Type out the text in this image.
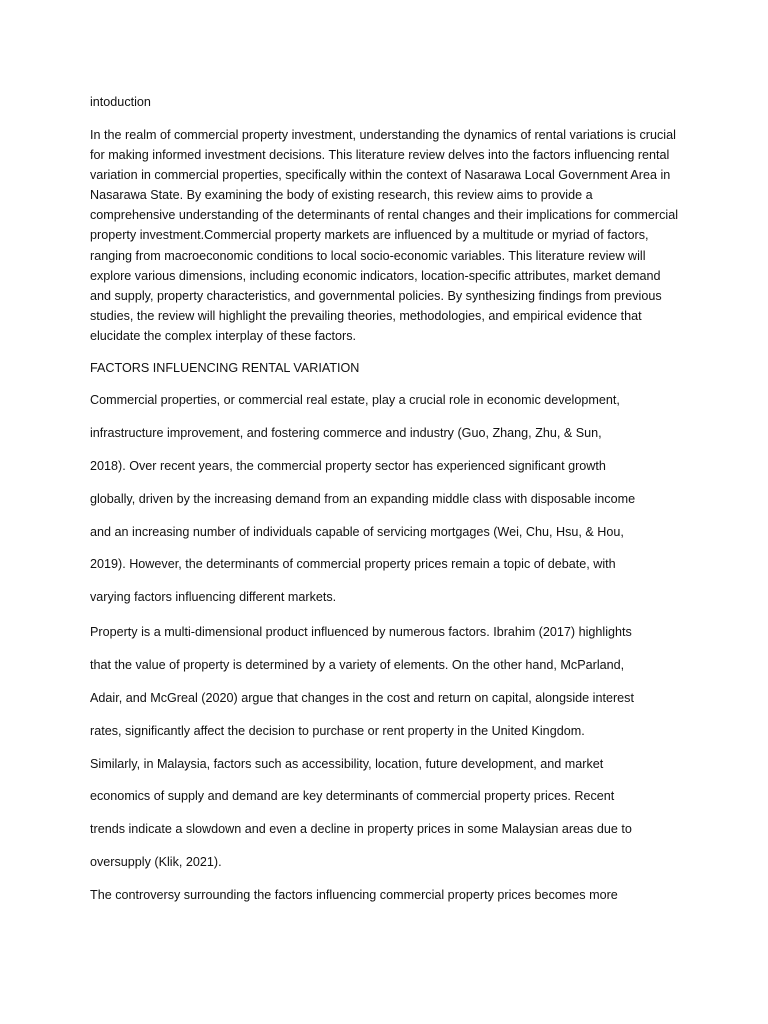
intoduction

In the realm of commercial property investment, understanding the dynamics of rental variations is crucial for making informed investment decisions. This literature review delves into the factors influencing rental variation in commercial properties, specifically within the context of Nasarawa Local Government Area in Nasarawa State. By examining the body of existing research, this review aims to provide a comprehensive understanding of the determinants of rental changes and their implications for commercial property investment.Commercial property markets are influenced by a multitude or myriad of factors, ranging from macroeconomic conditions to local socio-economic variables. This literature review will explore various dimensions, including economic indicators, location-specific attributes, market demand and supply, property characteristics, and governmental policies. By synthesizing findings from previous studies, the review will highlight the prevailing theories, methodologies, and empirical evidence that elucidate the complex interplay of these factors.

FACTORS INFLUENCING RENTAL VARIATION

Commercial properties, or commercial real estate, play a crucial role in economic development,
infrastructure improvement, and fostering commerce and industry (Guo, Zhang, Zhu, & Sun,
2018). Over recent years, the commercial property sector has experienced significant growth
globally, driven by the increasing demand from an expanding middle class with disposable income
and an increasing number of individuals capable of servicing mortgages (Wei, Chu, Hsu, & Hou,
2019). However, the determinants of commercial property prices remain a topic of debate, with
varying factors influencing different markets.
Property is a multi-dimensional product influenced by numerous factors. Ibrahim (2017) highlights
that the value of property is determined by a variety of elements. On the other hand, McParland,
Adair, and McGreal (2020) argue that changes in the cost and return on capital, alongside interest
rates, significantly affect the decision to purchase or rent property in the United Kingdom.
Similarly, in Malaysia, factors such as accessibility, location, future development, and market
economics of supply and demand are key determinants of commercial property prices. Recent
trends indicate a slowdown and even a decline in property prices in some Malaysian areas due to
oversupply (Klik, 2021).
The controversy surrounding the factors influencing commercial property prices becomes more
